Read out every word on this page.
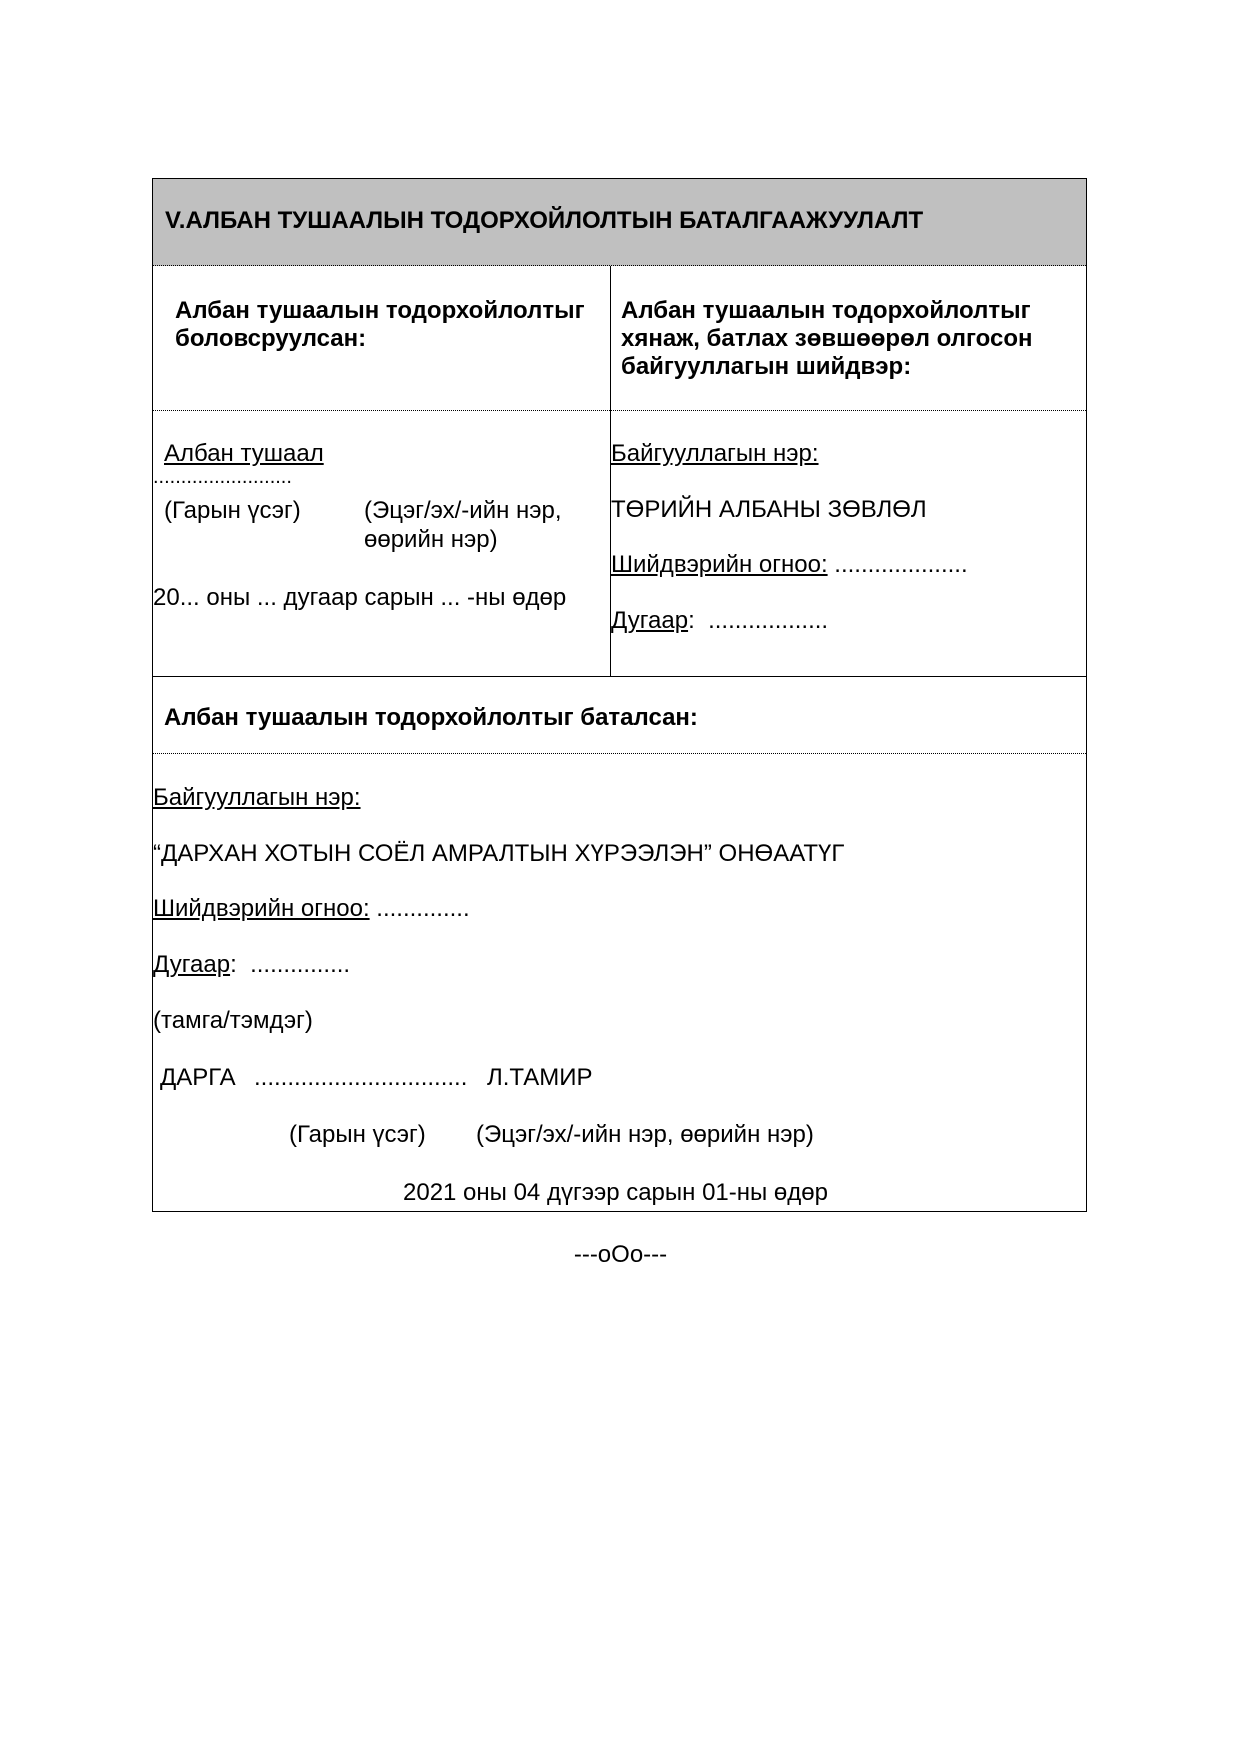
V.АЛБАН ТУШААЛЫН ТОДОРХОЙЛОЛТЫН БАТАЛГААЖУУЛАЛТ
Албан тушаалын тодорхойлолтыг
боловсруулсан:
Албан тушаал
.........................
(Гарын үсэг)	(Эцэг/эх/-ийн нэр,
өөрийн нэр)
20... оны ... дугаар сарын ... -ны өдөр
Албан тушаалын тодорхойлолтыг
хянаж, батлах зөвшөөрөл олгосон
байгууллагын шийдвэр:
Байгууллагын нэр:
ТӨРИЙН АЛБАНЫ ЗӨВЛӨЛ
Шийдвэрийн огноо: ....................
Дугаар: ..................
Албан тушаалын тодорхойлолтыг баталсан:
Байгууллагын нэр:
“ДАРХАН ХОТЫН СОЁЛ АМРАЛТЫН ХҮРЭЭЛЭН” ОНӨААТҮГ
Шийдвэрийн огноо: ..............
Дугаар: ...............
(тамга/тэмдэг)
ДАРГА ................................ Л.ТАМИР
(Гарын үсэг) (Эцэг/эх/-ийн нэр, өөрийн нэр)
2021 оны 04 дүгээр сарын 01-ны өдөр
---оОо---
